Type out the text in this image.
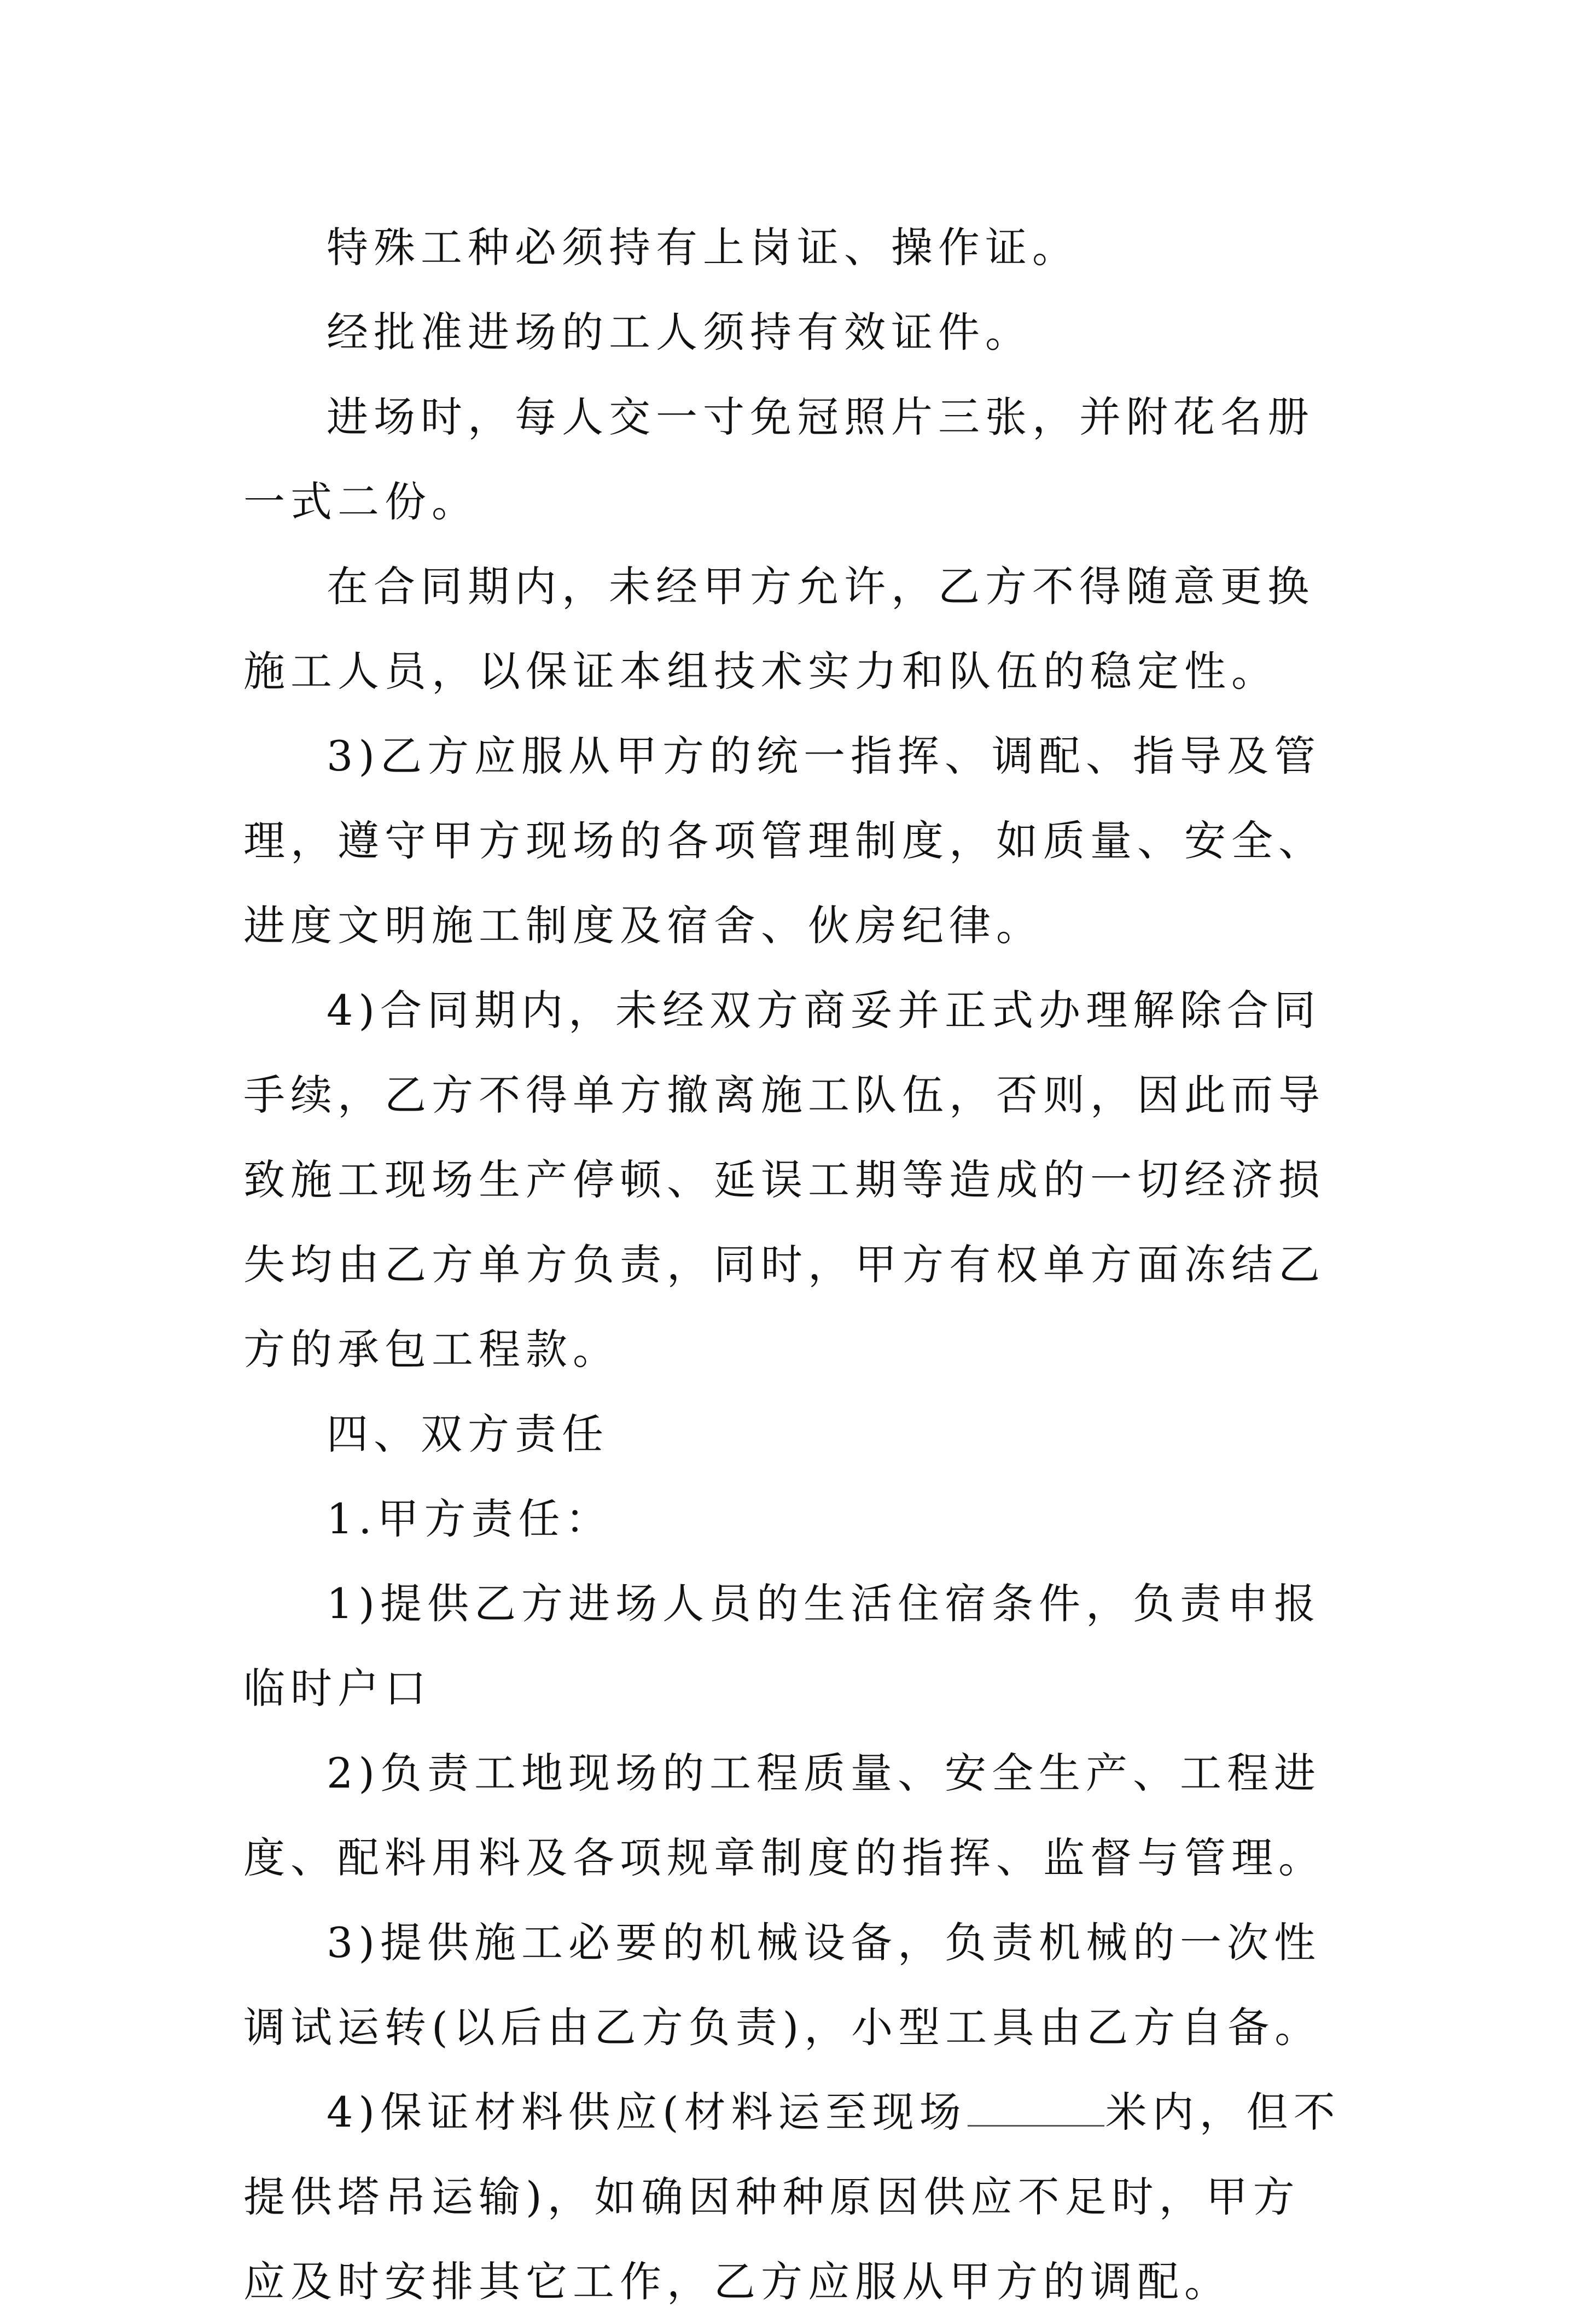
特殊工种必须持有上岗证、操作证。

经批准进场的工人须持有效证件。

进场时，每人交一寸免冠照片三张，并附花名册一式二份。

在合同期内，未经甲方允许，乙方不得随意更换施工人员，以保证本组技术实力和队伍的稳定性。

3)乙方应服从甲方的统一指挥、调配、指导及管理，遵守甲方现场的各项管理制度，如质量、安全、进度文明施工制度及宿舍、伙房纪律。

4)合同期内，未经双方商妥并正式办理解除合同手续，乙方不得单方撤离施工队伍，否则，因此而导致施工现场生产停顿、延误工期等造成的一切经济损失均由乙方单方负责，同时，甲方有权单方面冻结乙方的承包工程款。

四、双方责任

1.甲方责任：

1)提供乙方进场人员的生活住宿条件，负责申报临时户口

2)负责工地现场的工程质量、安全生产、工程进度、配料用料及各项规章制度的指挥、监督与管理。

3)提供施工必要的机械设备，负责机械的一次性调试运转(以后由乙方负责)，小型工具由乙方自备。

4)保证材料供应(材料运至现场	米内，但不提供塔吊运输)，如确因种种原因供应不足时，甲方应及时安排其它工作，乙方应服从甲方的调配。
